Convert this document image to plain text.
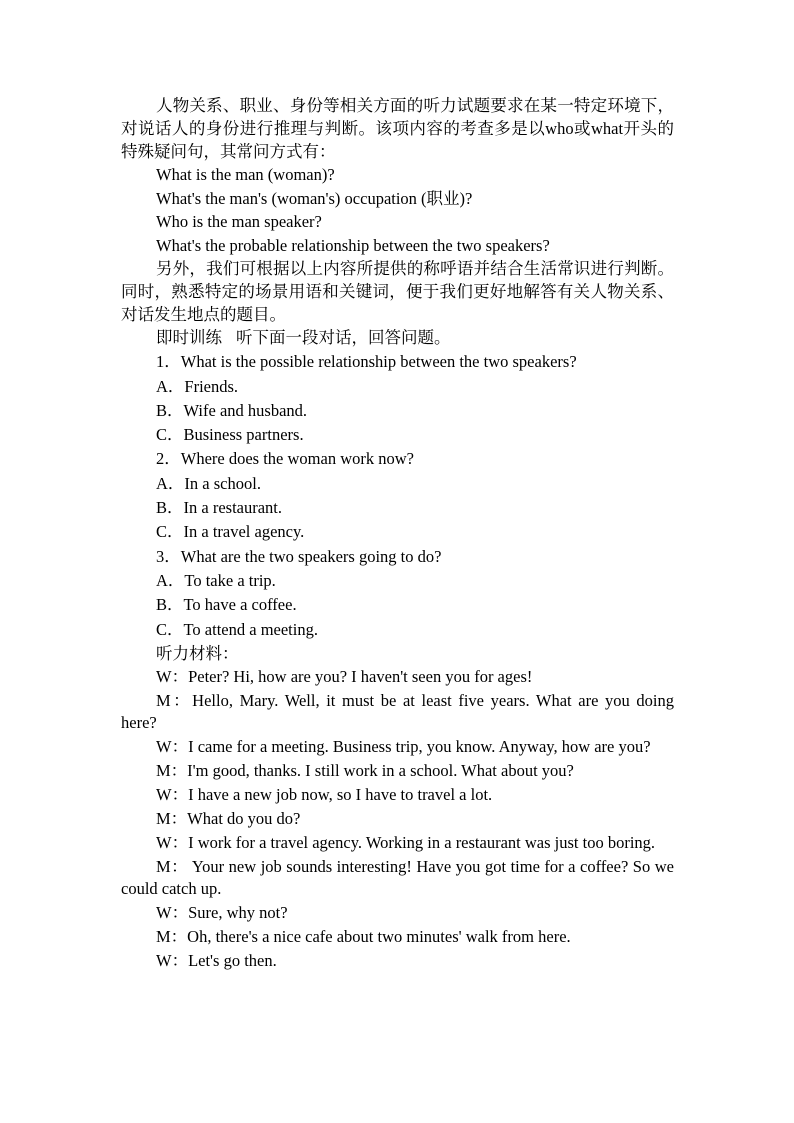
人物关系、职业、身份等相关方面的听力试题要求在某一特定环境下，对说话人的身份进行推理与判断。该项内容的考查多是以who或what开头的特殊疑问句，其常问方式有：

What is the man (woman)?

What's the man's (woman's) occupation (职业)?

Who is the man speaker?

What's the probable relationship between the two speakers?

另外，我们可根据以上内容所提供的称呼语并结合生活常识进行判断。同时，熟悉特定的场景用语和关键词，便于我们更好地解答有关人物关系、对话发生地点的题目。

即时训练 听下面一段对话，回答问题。

1．What is the possible relationship between the two speakers?

A．Friends.

B．Wife and husband.

C．Business partners.

2．Where does the woman work now?

A．In a school.

B．In a restaurant.

C．In a travel agency.

3．What are the two speakers going to do?

A．To take a trip.

B．To have a coffee.

C．To attend a meeting.

听力材料：

W：Peter? Hi, how are you? I haven't seen you for ages!

M：Hello, Mary. Well, it must be at least five years. What are you doing here?

W：I came for a meeting. Business trip, you know. Anyway, how are you?

M：I'm good, thanks. I still work in a school. What about you?

W：I have a new job now, so I have to travel a lot.

M：What do you do?

W：I work for a travel agency. Working in a restaurant was just too boring.

M： Your new job sounds interesting! Have you got time for a coffee? So we could catch up.

W：Sure, why not?

M：Oh, there's a nice cafe about two minutes' walk from here.

W：Let's go then.
